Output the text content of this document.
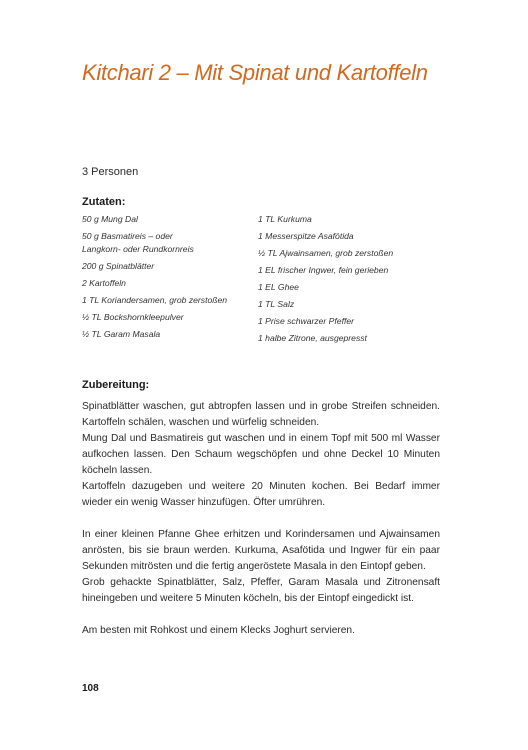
Kitchari 2 – Mit Spinat und Kartoffeln
3 Personen
Zutaten:
50 g Mung Dal
50 g Basmatireis – oder
Langkorn- oder Rundkornreis
200 g Spinatblätter
2 Kartoffeln
1 TL Koriandersamen, grob zerstoßen
½ TL Bockshornkleepulver
½ TL Garam Masala
1 TL Kurkuma
1 Messerspitze Asafötida
½ TL Ajwainsamen, grob zerstoßen
1 EL frischer Ingwer, fein gerieben
1 EL Ghee
1 TL Salz
1 Prise schwarzer Pfeffer
1 halbe Zitrone, ausgepresst
Zubereitung:

Spinatblätter waschen, gut abtropfen lassen und in grobe Streifen schneiden. Kartoffeln schälen, waschen und würfelig schneiden.

Mung Dal und Basmatireis gut waschen und in einem Topf mit 500 ml Wasser aufkochen lassen. Den Schaum wegschöpfen und ohne Deckel 10 Minuten köcheln lassen.

Kartoffeln dazugeben und weitere 20 Minuten kochen. Bei Bedarf immer wieder ein wenig Wasser hinzufügen. Öfter umrühren.

In einer kleinen Pfanne Ghee erhitzen und Korindersamen und Ajwainsamen anrösten, bis sie braun werden. Kurkuma, Asafötida und Ingwer für ein paar Sekunden mitrösten und die fertig angeröstete Masala in den Eintopf geben.

Grob gehackte Spinatblätter, Salz, Pfeffer, Garam Masala und Zitronensaft hineingeben und weitere 5 Minuten köcheln, bis der Eintopf eingedickt ist.

Am besten mit Rohkost und einem Klecks Joghurt servieren.

108
